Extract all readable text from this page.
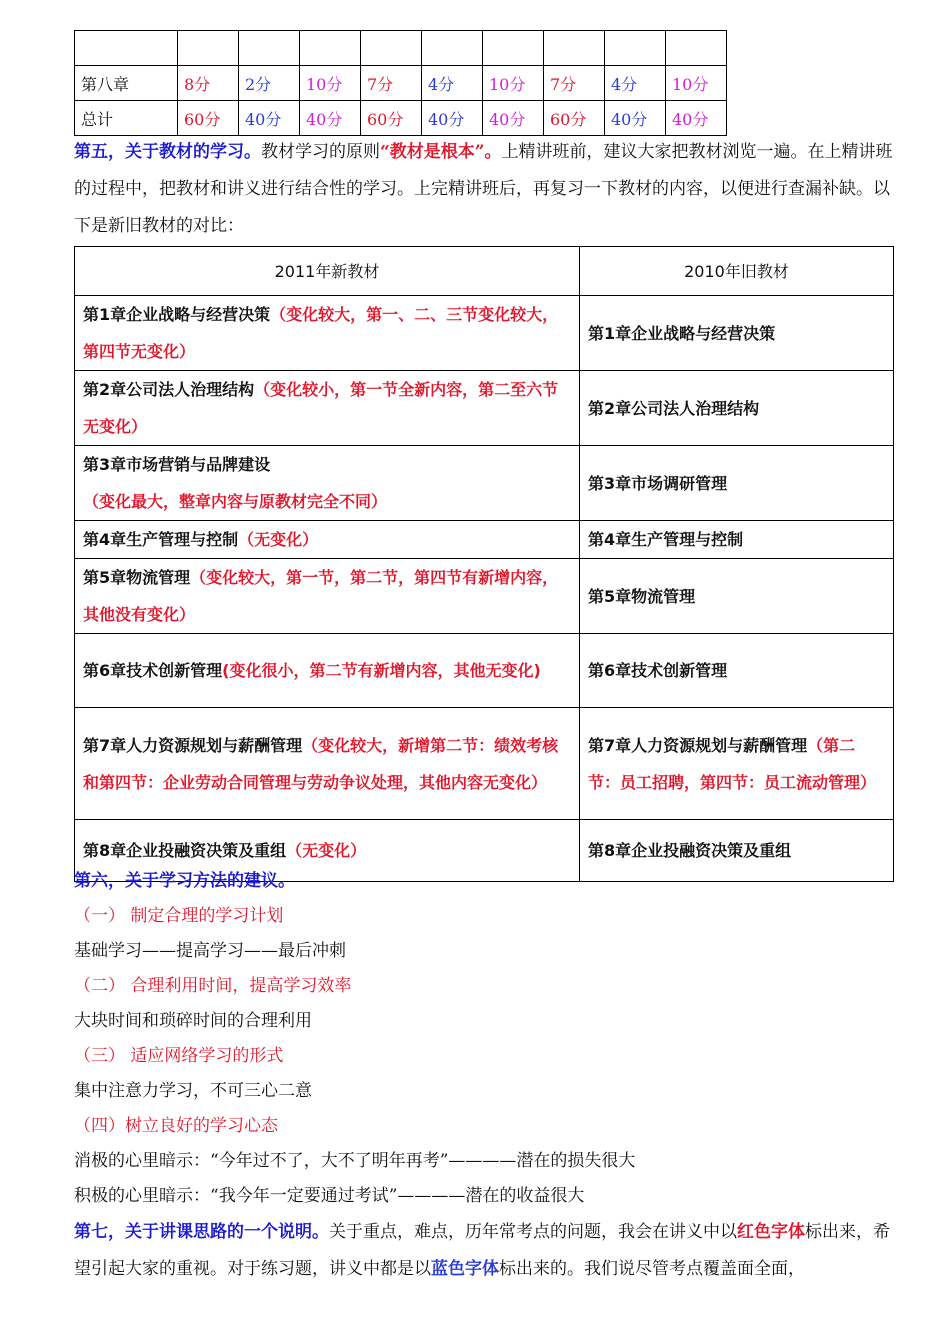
第八章	8分	2分	10分	7分	4分	10分	7分	4分	10分
总计	60分	40分	40分	60分	40分	40分	60分	40分	40分
第五，关于教材的学习。教材学习的原则“教材是根本”。上精讲班前，建议大家把教材浏览一遍。在上精讲班的过程中，把教材和讲义进行结合性的学习。上完精讲班后，再复习一下教材的内容，以便进行查漏补缺。以下是新旧教材的对比：
2011年新教材	2010年旧教材
第1章企业战略与经营决策（变化较大，第一、二、三节变化较大，第四节无变化）	第1章企业战略与经营决策
第2章公司法人治理结构（变化较小，第一节全新内容，第二至六节无变化）	第2章公司法人治理结构
第3章市场营销与品牌建设（变化最大，整章内容与原教材完全不同）	第3章市场调研管理
第4章生产管理与控制（无变化）	第4章生产管理与控制
第5章物流管理（变化较大，第一节，第二节，第四节有新增内容，其他没有变化）	第5章物流管理
第6章技术创新管理(变化很小，第二节有新增内容，其他无变化)	第6章技术创新管理
第7章人力资源规划与薪酬管理（变化较大，新增第二节：绩效考核和第四节：企业劳动合同管理与劳动争议处理，其他内容无变化）	第7章人力资源规划与薪酬管理（第二节：员工招聘，第四节：员工流动管理）
第8章企业投融资决策及重组（无变化）	第8章企业投融资决策及重组
第六，关于学习方法的建议。
（一） 制定合理的学习计划
基础学习——提高学习——最后冲刺
（二） 合理利用时间，提高学习效率
大块时间和琐碎时间的合理利用
（三） 适应网络学习的形式
集中注意力学习，不可三心二意
（四）树立良好的学习心态
消极的心里暗示：“今年过不了，大不了明年再考”————潜在的损失很大
积极的心里暗示：“我今年一定要通过考试”————潜在的收益很大
第七，关于讲课思路的一个说明。关于重点，难点，历年常考点的问题，我会在讲义中以红色字体标出来，希望引起大家的重视。对于练习题，讲义中都是以蓝色字体标出来的。我们说尽管考点覆盖面全面，
